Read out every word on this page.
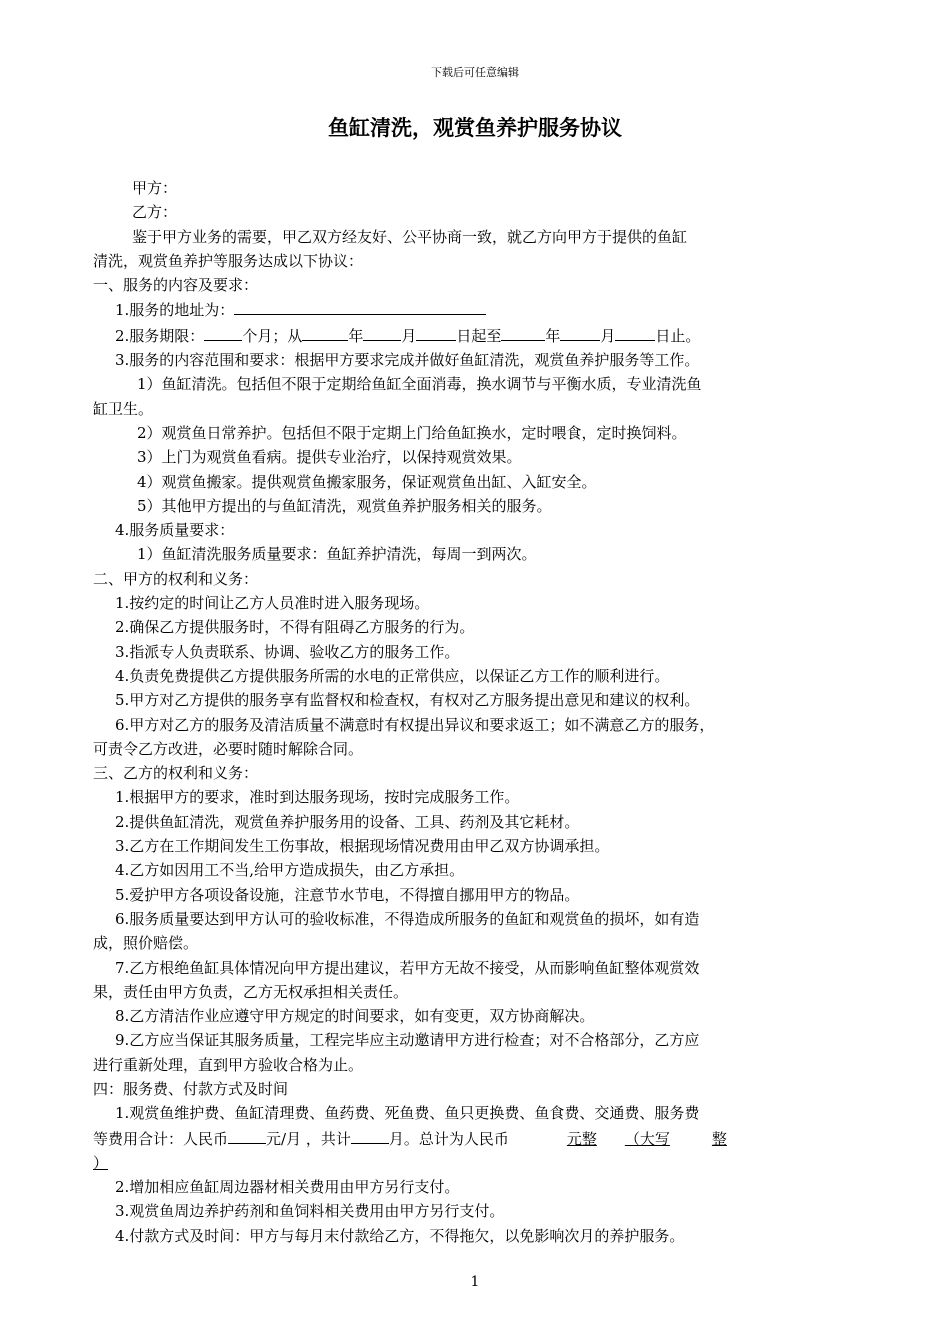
下载后可任意编辑
鱼缸清洗，观赏鱼养护服务协议
甲方：
乙方：
鉴于甲方业务的需要，甲乙双方经友好、公平协商一致，就乙方向甲方于提供的鱼缸
清洗，观赏鱼养护等服务达成以下协议：
一、服务的内容及要求：
1.服务的地址为：
2.服务期限：	个月；从	年	月	日起至	年	月	日止。
3.服务的内容范围和要求：根据甲方要求完成并做好鱼缸清洗，观赏鱼养护服务等工作。
1）鱼缸清洗。包括但不限于定期给鱼缸全面消毒，换水调节与平衡水质，专业清洗鱼
缸卫生。
2）观赏鱼日常养护。包括但不限于定期上门给鱼缸换水，定时喂食，定时换饲料。
3）上门为观赏鱼看病。提供专业治疗，以保持观赏效果。
4）观赏鱼搬家。提供观赏鱼搬家服务，保证观赏鱼出缸、入缸安全。
5）其他甲方提出的与鱼缸清洗，观赏鱼养护服务相关的服务。
4.服务质量要求：
1）鱼缸清洗服务质量要求：鱼缸养护清洗，每周一到两次。
二、甲方的权利和义务：
1.按约定的时间让乙方人员准时进入服务现场。
2.确保乙方提供服务时，不得有阻碍乙方服务的行为。
3.指派专人负责联系、协调、验收乙方的服务工作。
4.负责免费提供乙方提供服务所需的水电的正常供应，以保证乙方工作的顺利进行。
5.甲方对乙方提供的服务享有监督权和检查权，有权对乙方服务提出意见和建议的权利。
6.甲方对乙方的服务及清洁质量不满意时有权提出异议和要求返工；如不满意乙方的服务，
可责令乙方改进，必要时随时解除合同。
三、乙方的权利和义务：
1.根据甲方的要求，准时到达服务现场，按时完成服务工作。
2.提供鱼缸清洗，观赏鱼养护服务用的设备、工具、药剂及其它耗材。
3.乙方在工作期间发生工伤事故，根据现场情况费用由甲乙双方协调承担。
4.乙方如因用工不当,给甲方造成损失，由乙方承担。
5.爱护甲方各项设备设施，注意节水节电，不得擅自挪用甲方的物品。
6.服务质量要达到甲方认可的验收标准，不得造成所服务的鱼缸和观赏鱼的损坏，如有造
成，照价赔偿。
7.乙方根绝鱼缸具体情况向甲方提出建议，若甲方无故不接受，从而影响鱼缸整体观赏效
果，责任由甲方负责，乙方无权承担相关责任。
8.乙方清洁作业应遵守甲方规定的时间要求，如有变更，双方协商解决。
9.乙方应当保证其服务质量，工程完毕应主动邀请甲方进行检查；对不合格部分，乙方应
进行重新处理，直到甲方验收合格为止。
四：服务费、付款方式及时间
1.观赏鱼维护费、鱼缸清理费、鱼药费、死鱼费、鱼只更换费、鱼食费、交通费、服务费
等费用合计：人民币	元/月 ，共计	月。总计为人民币	元整 （大写	整
）
2.增加相应鱼缸周边器材相关费用由甲方另行支付。
3.观赏鱼周边养护药剂和鱼饲料相关费用由甲方另行支付。
4.付款方式及时间：甲方与每月末付款给乙方，不得拖欠，以免影响次月的养护服务。
1
